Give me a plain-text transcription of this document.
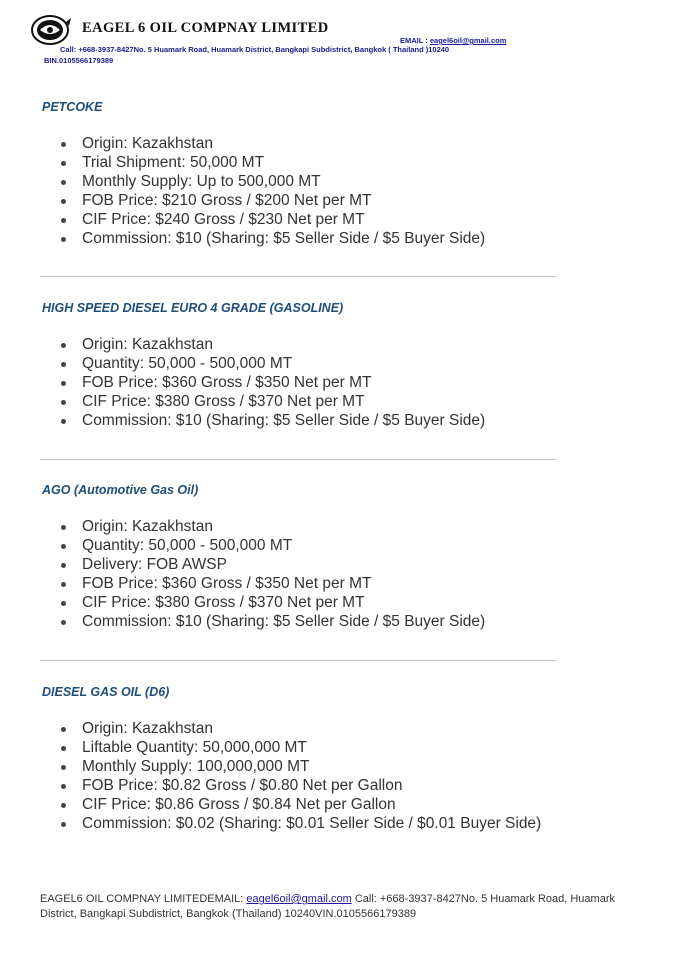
EAGEL 6 OIL COMPNAY LIMITED
EMAIL : eagel6oil@gmail.com
Call: +668-3937-8427No. 5 Huamark Road, Huamark District, Bangkapi Subdistrict, Bangkok ( Thailand )10240
BIN.0105566179389
PETCOKE
Origin: Kazakhstan
Trial Shipment: 50,000 MT
Monthly Supply: Up to 500,000 MT
FOB Price: $210 Gross / $200 Net per MT
CIF Price: $240 Gross / $230 Net per MT
Commission: $10 (Sharing: $5 Seller Side / $5 Buyer Side)
HIGH SPEED DIESEL EURO 4 GRADE (GASOLINE)
Origin: Kazakhstan
Quantity: 50,000 - 500,000 MT
FOB Price: $360 Gross / $350 Net per MT
CIF Price: $380 Gross / $370 Net per MT
Commission: $10 (Sharing: $5 Seller Side / $5 Buyer Side)
AGO (Automotive Gas Oil)
Origin: Kazakhstan
Quantity: 50,000 - 500,000 MT
Delivery: FOB AWSP
FOB Price: $360 Gross / $350 Net per MT
CIF Price: $380 Gross / $370 Net per MT
Commission: $10 (Sharing: $5 Seller Side / $5 Buyer Side)
DIESEL GAS OIL (D6)
Origin: Kazakhstan
Liftable Quantity: 50,000,000 MT
Monthly Supply: 100,000,000 MT
FOB Price: $0.82 Gross / $0.80 Net per Gallon
CIF Price: $0.86 Gross / $0.84 Net per Gallon
Commission: $0.02 (Sharing: $0.01 Seller Side / $0.01 Buyer Side)
EAGEL6 OIL COMPNAY LIMITEDEMAIL: eagel6oil@gmail.com Call: +668-3937-8427No. 5 Huamark Road, Huamark District, Bangkapi Subdistrict, Bangkok (Thailand) 10240VIN.0105566179389
